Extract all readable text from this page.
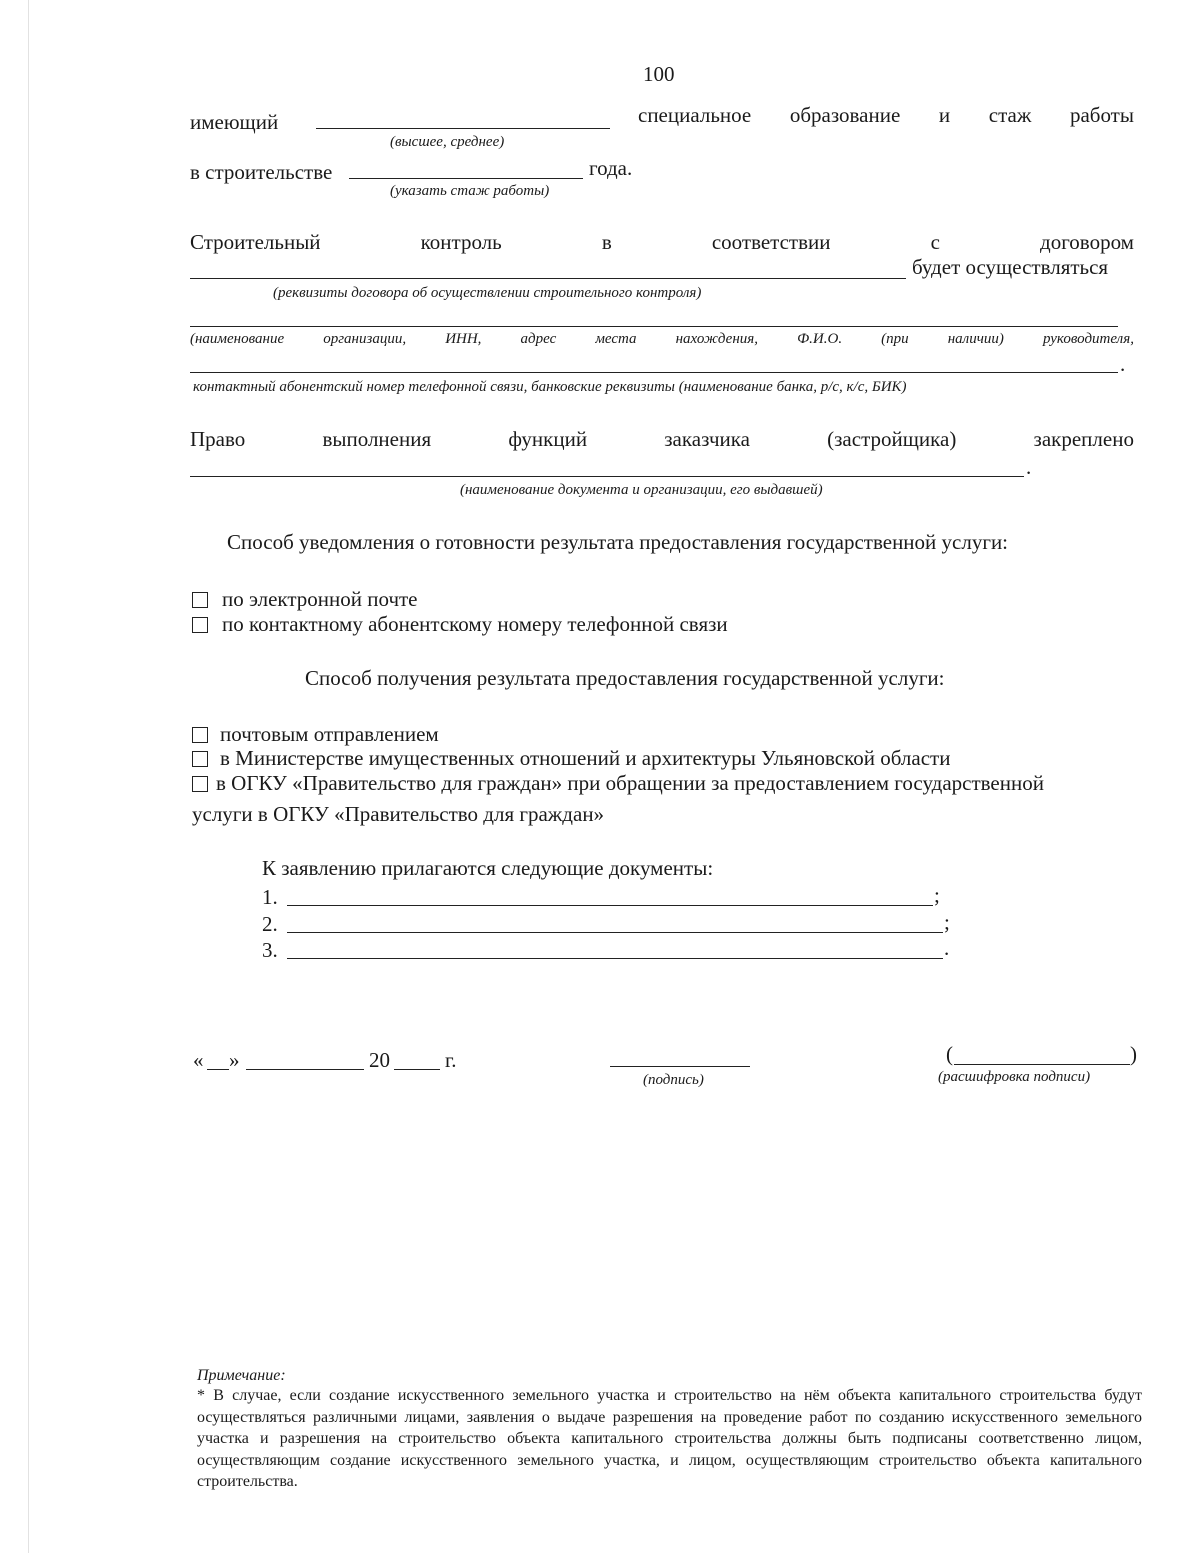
100
имеющий	специальное образование и стаж работы
(высшее, среднее)
в строительстве	года.
(указать стаж работы)
Строительный	контроль	в	соответствии	с	договором
будет осуществляться
(реквизиты договора об осуществлении строительного контроля)
(наименование	организации,	ИНН,	адрес	места	нахождения,	Ф.И.О.	(при	наличии)	руководителя,
.
контактный абонентский номер телефонной связи, банковские реквизиты (наименование банка, р/с, к/с, БИК)
Право	выполнения	функций	заказчика	(застройщика)	закреплено
.
(наименование документа и организации, его выдавшей)
Способ уведомления о готовности результата предоставления государственной услуги:
по электронной почте
по контактному абонентскому номеру телефонной связи
Способ получения результата предоставления государственной услуги:
почтовым отправлением
в Министерстве имущественных отношений и архитектуры Ульяновской области
в ОГКУ «Правительство для граждан» при обращении за предоставлением государственной
услуги в ОГКУ «Правительство для граждан»
К заявлению прилагаются следующие документы:
1.	;
2.	;
3.	.
« »	20	г.
(подпись)
(	)
(расшифровка подписи)
Примечание:
* В случае, если создание искусственного земельного участка и строительство на нём объекта капитального строительства будут осуществляться различными лицами, заявления о выдаче разрешения на проведение работ по созданию искусственного земельного участка и разрешения на строительство объекта капитального строительства должны быть подписаны соответственно лицом, осуществляющим создание искусственного земельного участка, и лицом, осуществляющим строительство объекта капитального строительства.
